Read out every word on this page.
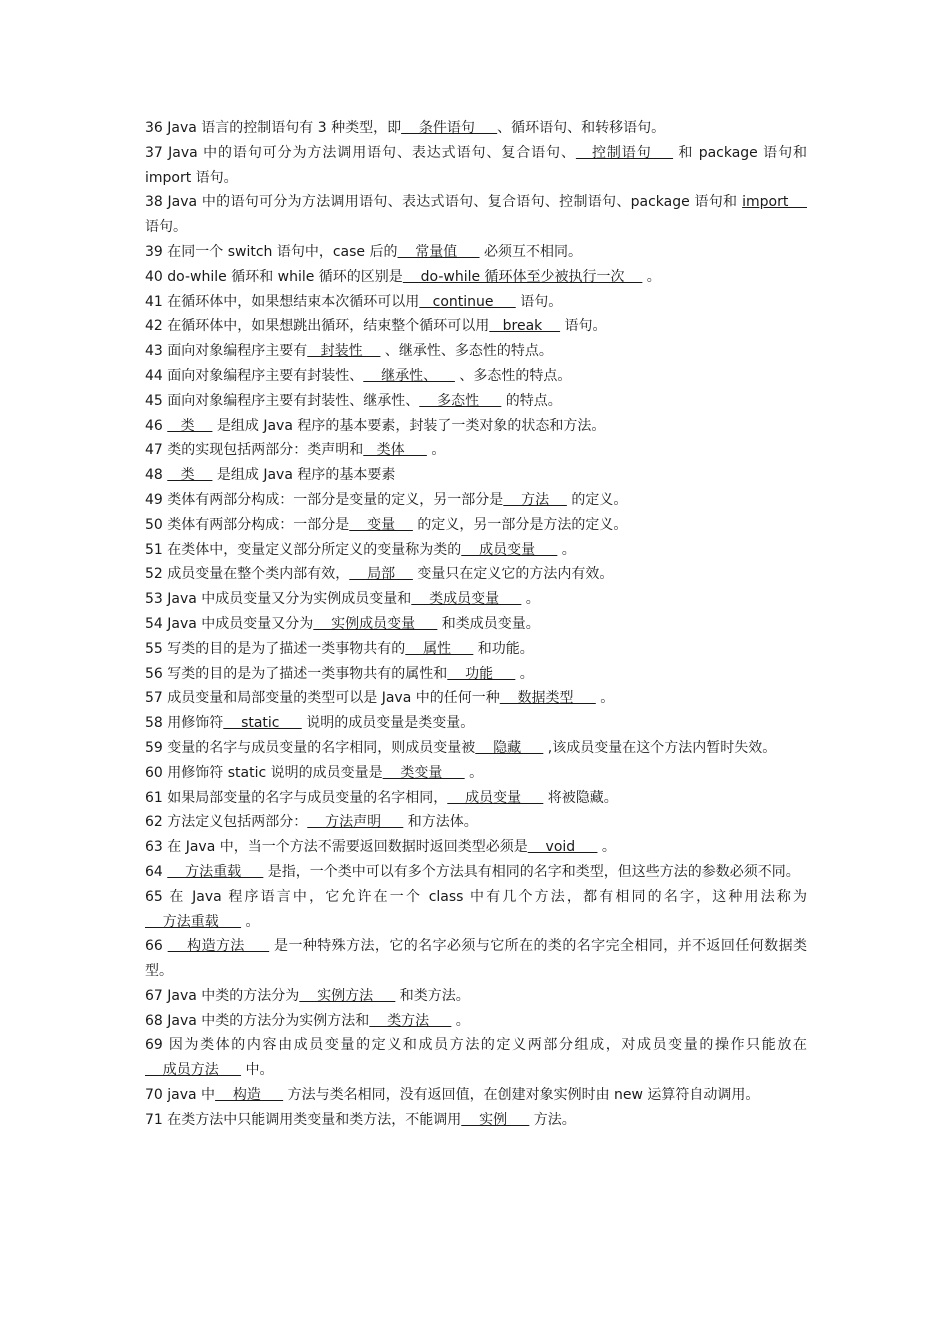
36 Java 语言的控制语句有 3 种类型，即    条件语句     、循环语句、和转移语句。

37 Java 中的语句可分为方法调用语句、表达式语句、复合语句、   控制语句     和 package 语句和 import 语句。

38 Java 中的语句可分为方法调用语句、表达式语句、复合语句、控制语句、package 语句和 import     语句。

39 在同一个 switch 语句中，case 后的    常量值      必须互不相同。

40 do-while 循环和 while 循环的区别是    do-while 循环体至少被执行一次     。

41 在循环体中，如果想结束本次循环可以用   continue      语句。

42 在循环体中，如果想跳出循环，结束整个循环可以用   break     语句。

43 面向对象编程序主要有   封装性     、继承性、多态性的特点。

44 面向对象编程序主要有封装性、    继承性、     、多态性的特点。

45 面向对象编程序主要有封装性、继承性、    多态性      的特点。

46    类     是组成 Java 程序的基本要素，封装了一类对象的状态和方法。

47 类的实现包括两部分：类声明和   类体      。

48    类     是组成 Java 程序的基本要素

49 类体有两部分构成：一部分是变量的定义，另一部分是    方法     的定义。

50 类体有两部分构成：一部分是    变量     的定义，另一部分是方法的定义。

51 在类体中，变量定义部分所定义的变量称为类的    成员变量      。

52 成员变量在整个类内部有效，    局部     变量只在定义它的方法内有效。

53 Java 中成员变量又分为实例成员变量和    类成员变量      。

54 Java 中成员变量又分为    实例成员变量      和类成员变量。

55 写类的目的是为了描述一类事物共有的    属性      和功能。

56 写类的目的是为了描述一类事物共有的属性和    功能      。

57 成员变量和局部变量的类型可以是 Java 中的任何一种    数据类型      。

58 用修饰符    static      说明的成员变量是类变量。

59 变量的名字与成员变量的名字相同，则成员变量被    隐藏      ,该成员变量在这个方法内暂时失效。

60 用修饰符 static 说明的成员变量是    类变量      。

61 如果局部变量的名字与成员变量的名字相同，    成员变量      将被隐藏。

62 方法定义包括两部分：    方法声明      和方法体。

63 在 Java 中，当一个方法不需要返回数据时返回类型必须是    void      。

64     方法重载      是指，一个类中可以有多个方法具有相同的名字和类型，但这些方法的参数必须不同。

65 在 Java 程序语言中，它允许在一个 class 中有几个方法，都有相同的名字，这种用法称为    方法重载      。

66     构造方法      是一种特殊方法，它的名字必须与它所在的类的名字完全相同，并不返回任何数据类型。

67 Java 中类的方法分为    实例方法      和类方法。

68 Java 中类的方法分为实例方法和    类方法      。

69 因为类体的内容由成员变量的定义和成员方法的定义两部分组成，对成员变量的操作只能放在    成员方法      中。

70 java 中    构造      方法与类名相同，没有返回值，在创建对象实例时由 new 运算符自动调用。

71 在类方法中只能调用类变量和类方法，不能调用    实例      方法。
